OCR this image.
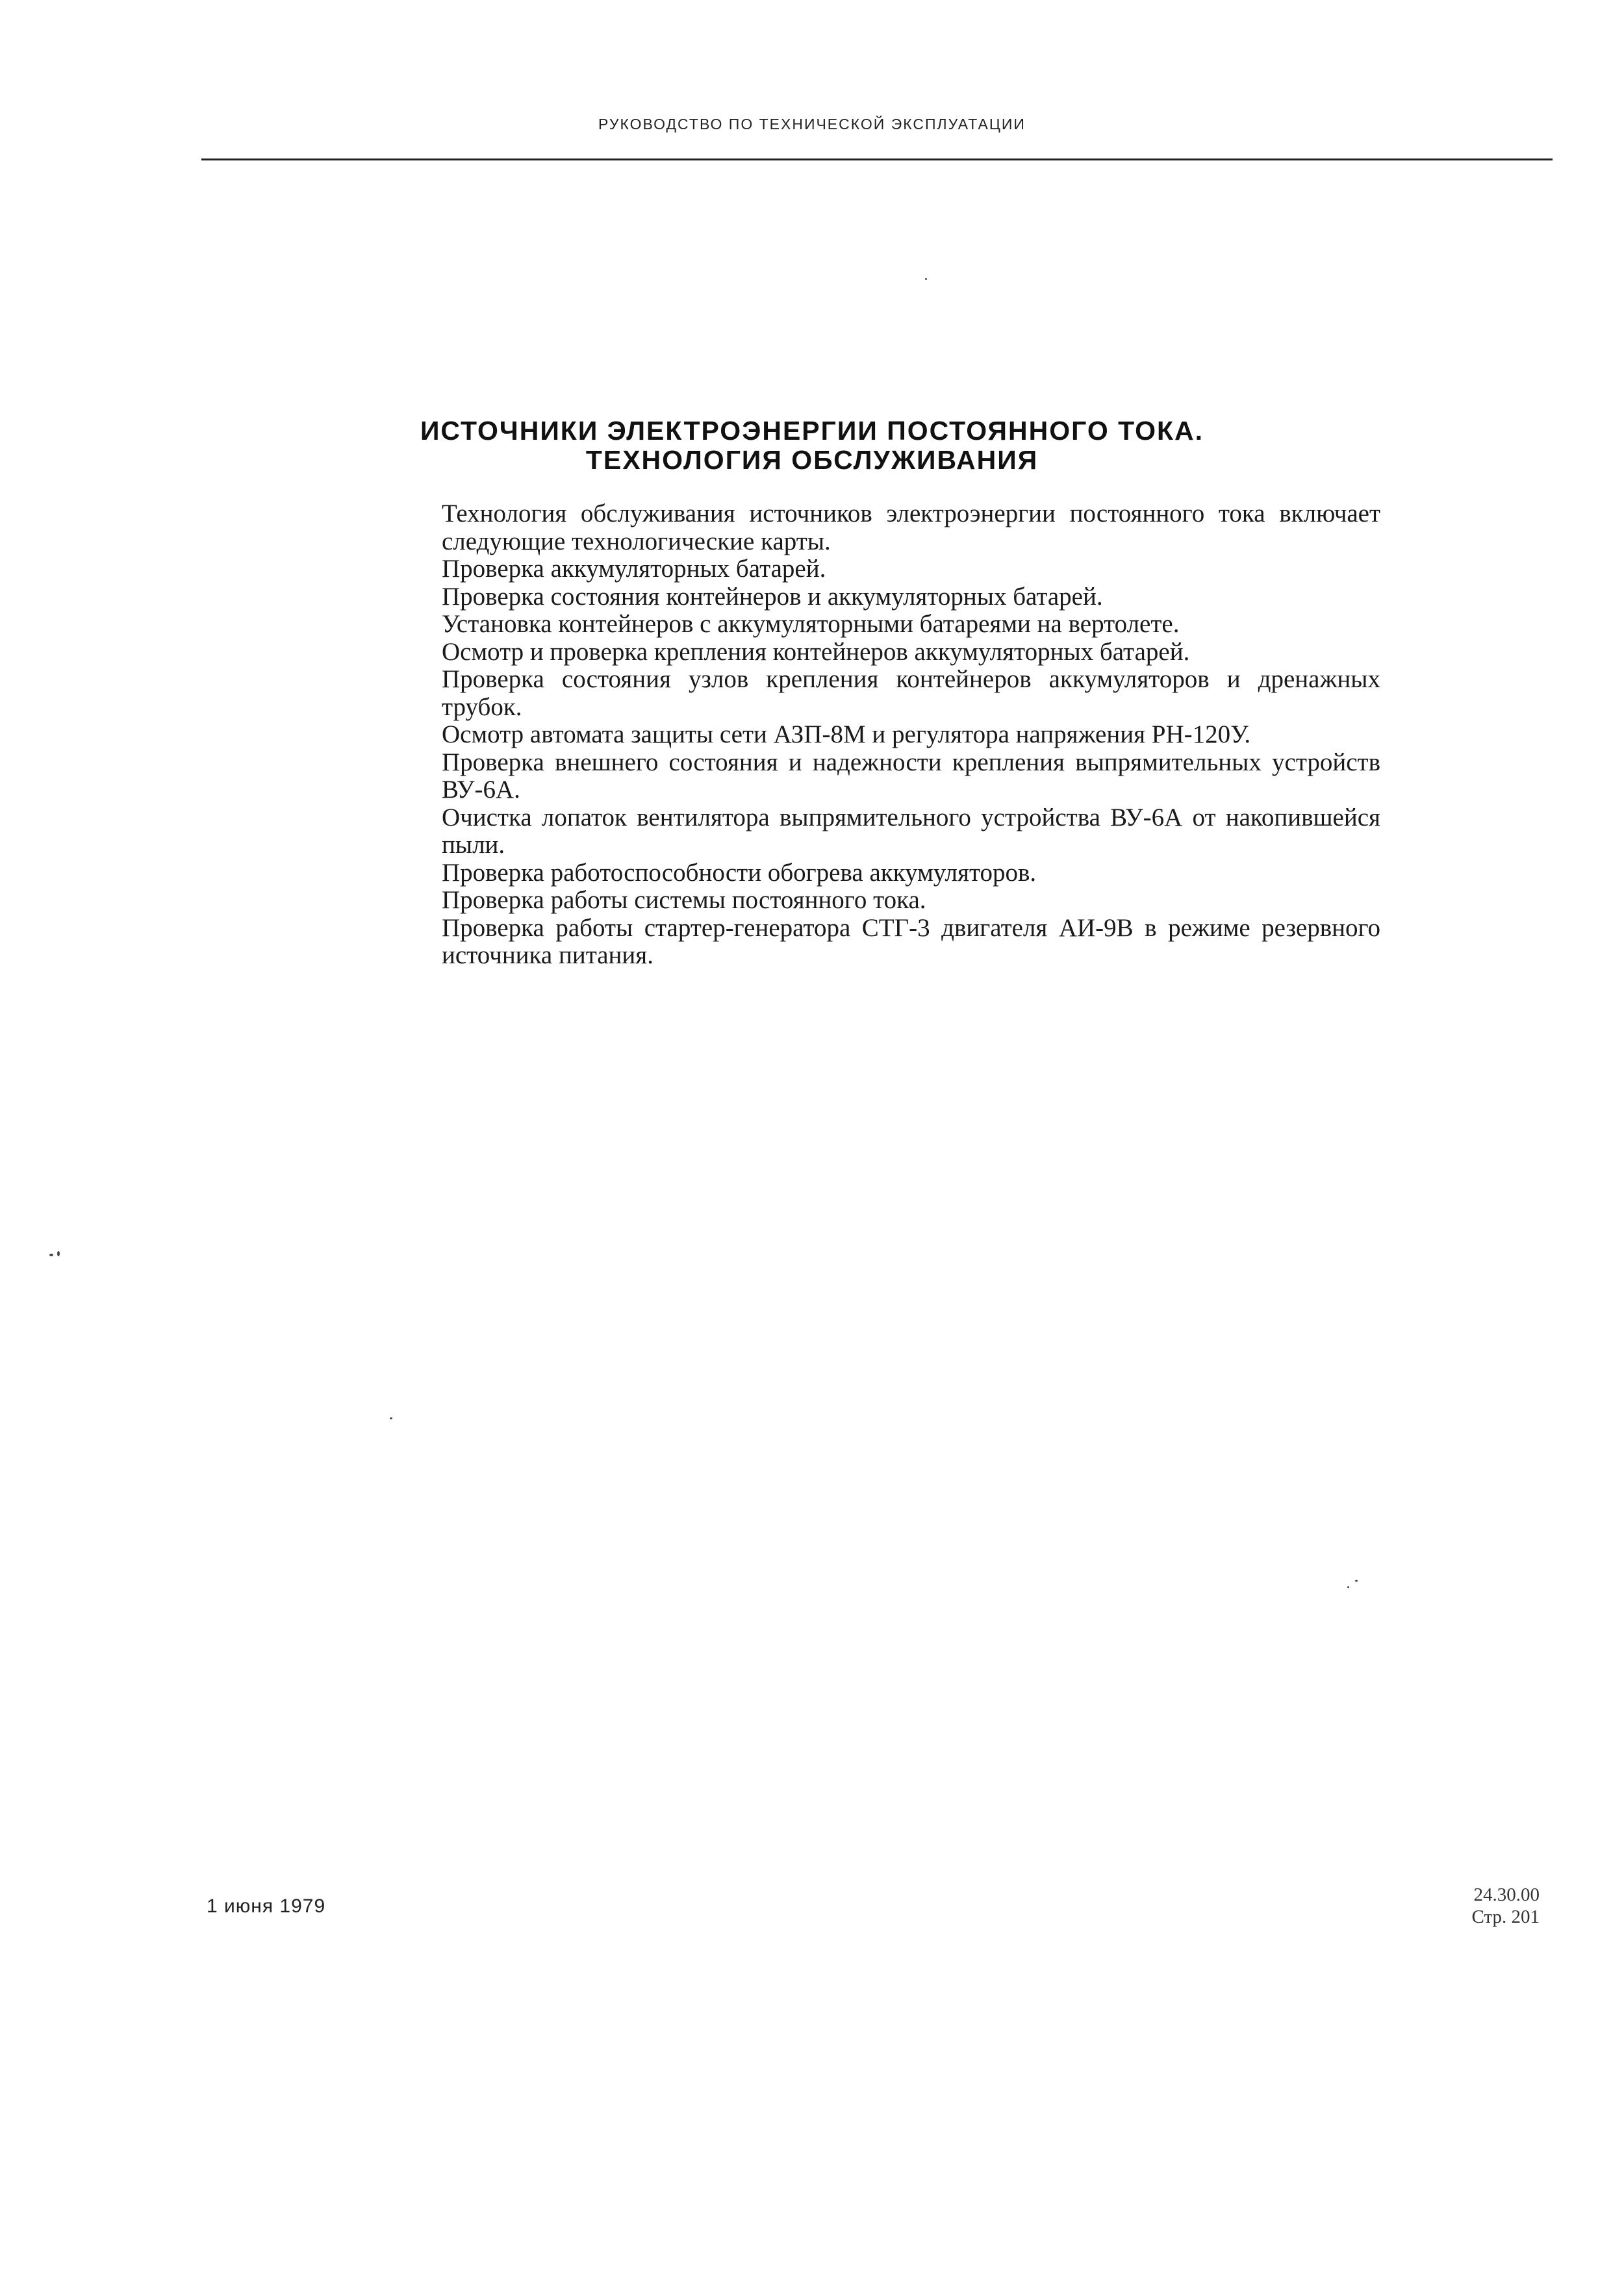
РУКОВОДСТВО ПО ТЕХНИЧЕСКОЙ ЭКСПЛУАТАЦИИ
ИСТОЧНИКИ ЭЛЕКТРОЭНЕРГИИ ПОСТОЯННОГО ТОКА.
ТЕХНОЛОГИЯ ОБСЛУЖИВАНИЯ

Технология обслуживания источников электроэнергии постоянного тока включает следующие технологические карты.

Проверка аккумуляторных батарей.

Проверка состояния контейнеров и аккумуляторных батарей.

Установка контейнеров с аккумуляторными батареями на вертолете.

Осмотр и проверка крепления контейнеров аккумуляторных батарей.

Проверка состояния узлов крепления контейнеров аккумуляторов и дренажных трубок.

Осмотр автомата защиты сети АЗП-8М и регулятора напряжения РН-120У.

Проверка внешнего состояния и надежности крепления выпрямительных устройств ВУ-6А.

Очистка лопаток вентилятора выпрямительного устройства ВУ-6А от накопившейся пыли.

Проверка работоспособности обогрева аккумуляторов.

Проверка работы системы постоянного тока.

Проверка работы стартер-генератора СТГ-3 двигателя АИ-9В в режиме резервного источника питания.

1 июня 1979
24.30.00
Стр. 201
